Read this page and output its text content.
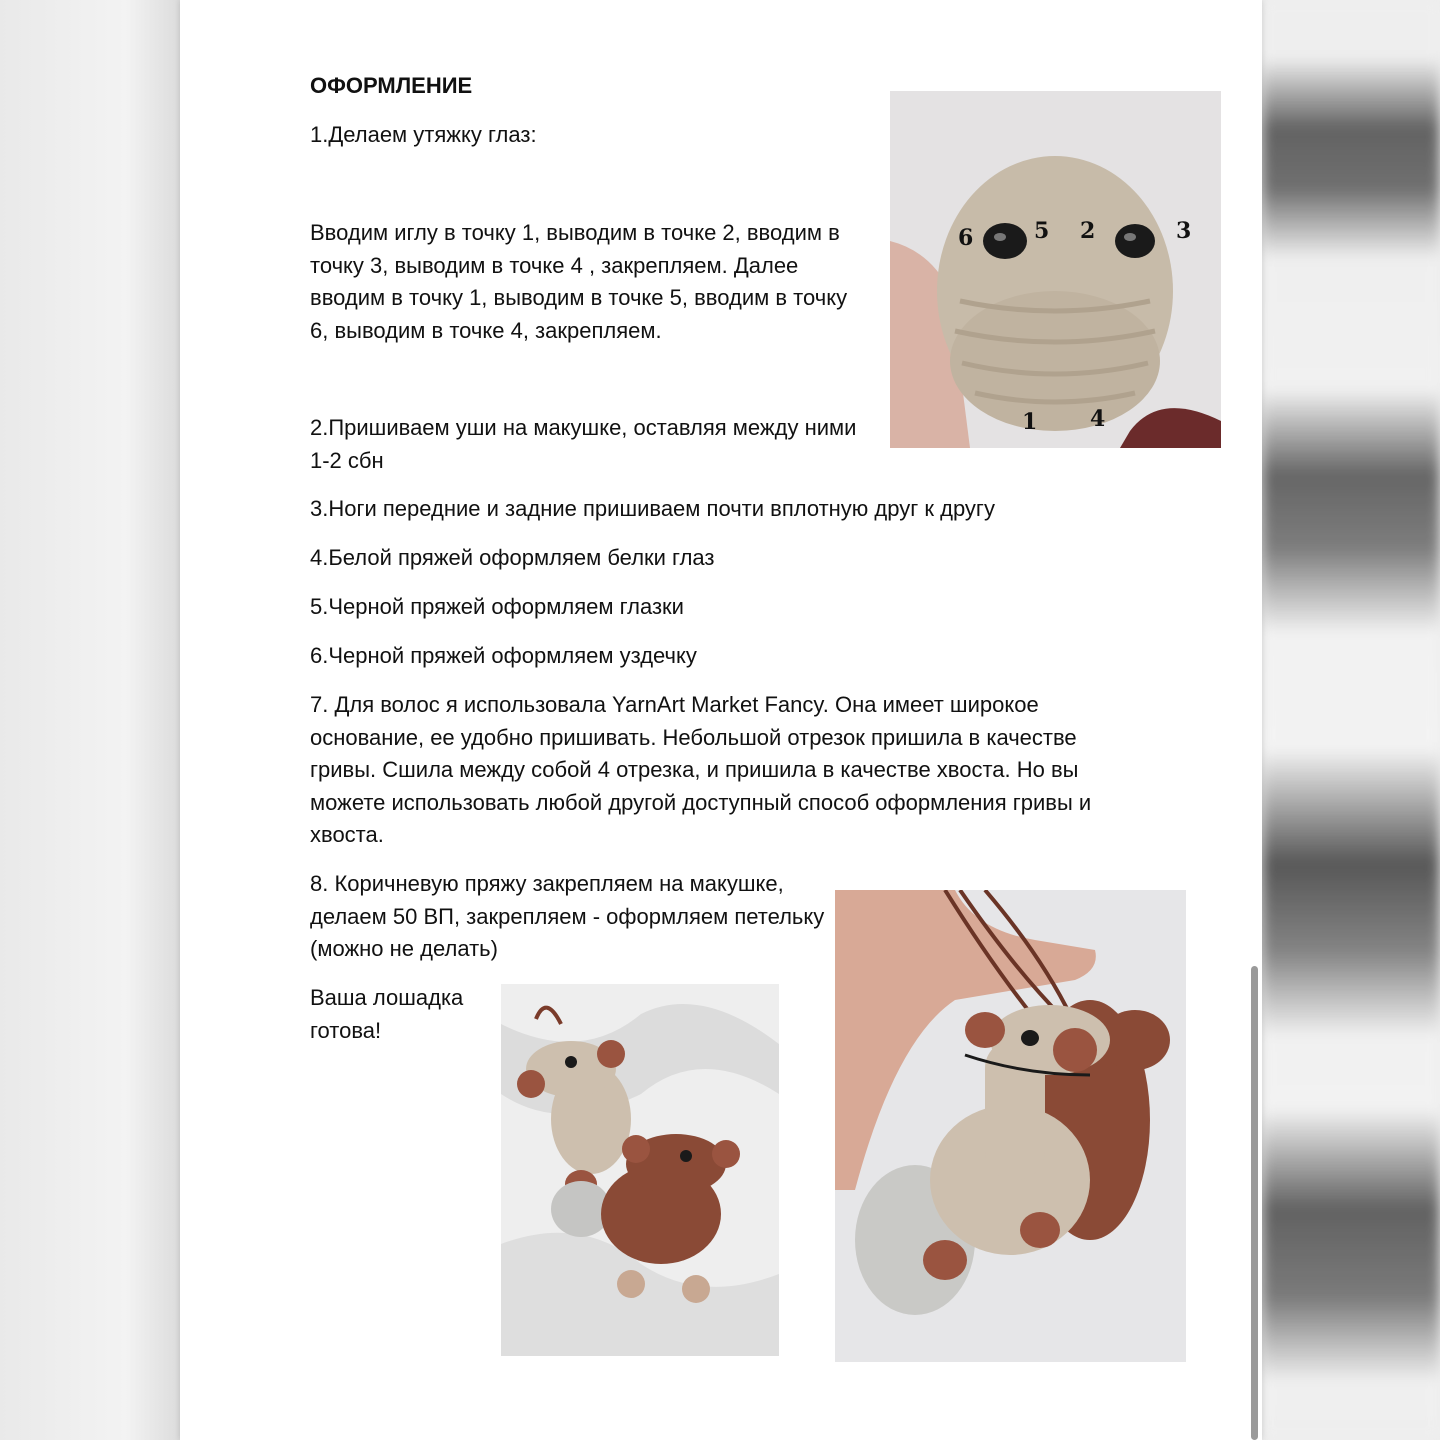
ОФОРМЛЕНИЕ

1.Делаем утяжку глаз:

Вводим иглу в точку 1, выводим в точке 2, вводим в точку 3, выводим в точке 4 , закрепляем. Далее вводим в точку 1, выводим в точке 5, вводим в точку 6, выводим в точке 4, закрепляем.

2.Пришиваем уши на макушке, оставляя между ними 1-2 сбн

3.Ноги передние и задние пришиваем почти вплотную друг к другу

4.Белой пряжей оформляем белки глаз

5.Черной пряжей оформляем глазки

6.Черной пряжей оформляем уздечку

7. Для волос я использовала YarnArt Market Fancy. Она имеет широкое основание, ее удобно пришивать. Небольшой отрезок пришила в качестве гривы. Сшила между собой 4 отрезка, и пришила в качестве хвоста. Но вы можете использовать любой другой доступный способ оформления гривы и хвоста.

8. Коричневую пряжу закрепляем на макушке, делаем 50 ВП, закрепляем - оформляем петельку (можно не делать)

Ваша лошадка готова!

6	5 2	3
1 4
